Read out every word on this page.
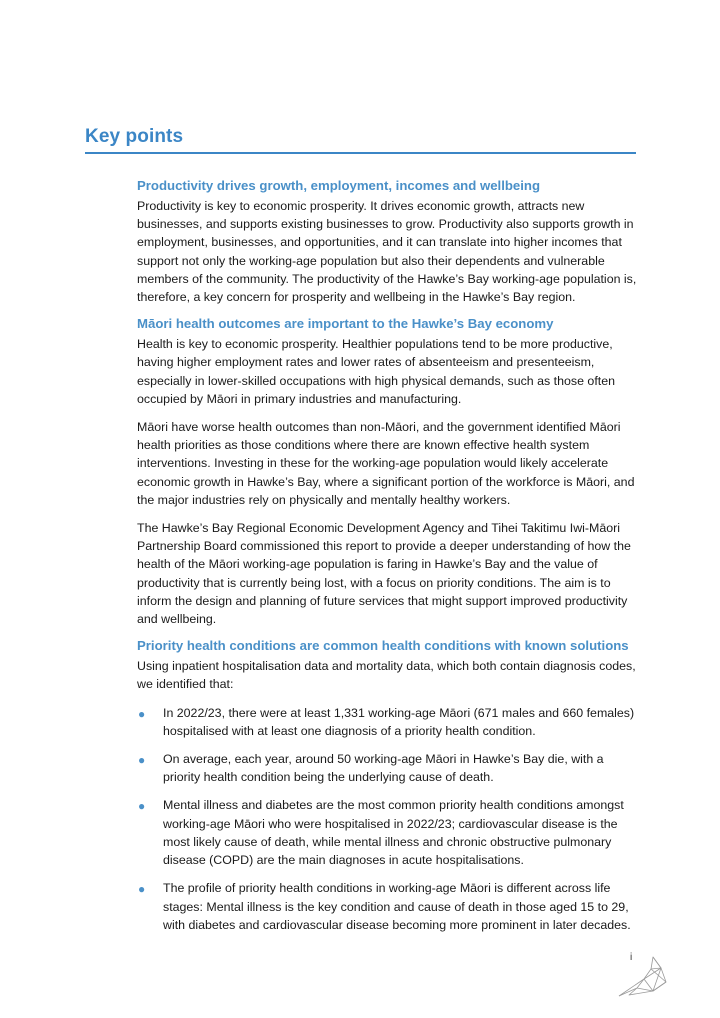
Key points
Productivity drives growth, employment, incomes and wellbeing

Productivity is key to economic prosperity. It drives economic growth, attracts new businesses, and supports existing businesses to grow. Productivity also supports growth in employment, businesses, and opportunities, and it can translate into higher incomes that support not only the working-age population but also their dependents and vulnerable members of the community. The productivity of the Hawke’s Bay working-age population is, therefore, a key concern for prosperity and wellbeing in the Hawke’s Bay region.

Māori health outcomes are important to the Hawke’s Bay economy

Health is key to economic prosperity. Healthier populations tend to be more productive, having higher employment rates and lower rates of absenteeism and presenteeism, especially in lower-skilled occupations with high physical demands, such as those often occupied by Māori in primary industries and manufacturing.

Māori have worse health outcomes than non-Māori, and the government identified Māori health priorities as those conditions where there are known effective health system interventions. Investing in these for the working-age population would likely accelerate economic growth in Hawke’s Bay, where a significant portion of the workforce is Māori, and the major industries rely on physically and mentally healthy workers.

The Hawke’s Bay Regional Economic Development Agency and Tihei Takitimu Iwi-Māori Partnership Board commissioned this report to provide a deeper understanding of how the health of the Māori working-age population is faring in Hawke’s Bay and the value of productivity that is currently being lost, with a focus on priority conditions. The aim is to inform the design and planning of future services that might support improved productivity and wellbeing.

Priority health conditions are common health conditions with known solutions

Using inpatient hospitalisation data and mortality data, which both contain diagnosis codes, we identified that:

● In 2022/23, there were at least 1,331 working-age Māori (671 males and 660 females) hospitalised with at least one diagnosis of a priority health condition.
● On average, each year, around 50 working-age Māori in Hawke’s Bay die, with a priority health condition being the underlying cause of death.
● Mental illness and diabetes are the most common priority health conditions amongst working-age Māori who were hospitalised in 2022/23; cardiovascular disease is the most likely cause of death, while mental illness and chronic obstructive pulmonary disease (COPD) are the main diagnoses in acute hospitalisations.
● The profile of priority health conditions in working-age Māori is different across life stages: Mental illness is the key condition and cause of death in those aged 15 to 29, with diabetes and cardiovascular disease becoming more prominent in later decades.
i
